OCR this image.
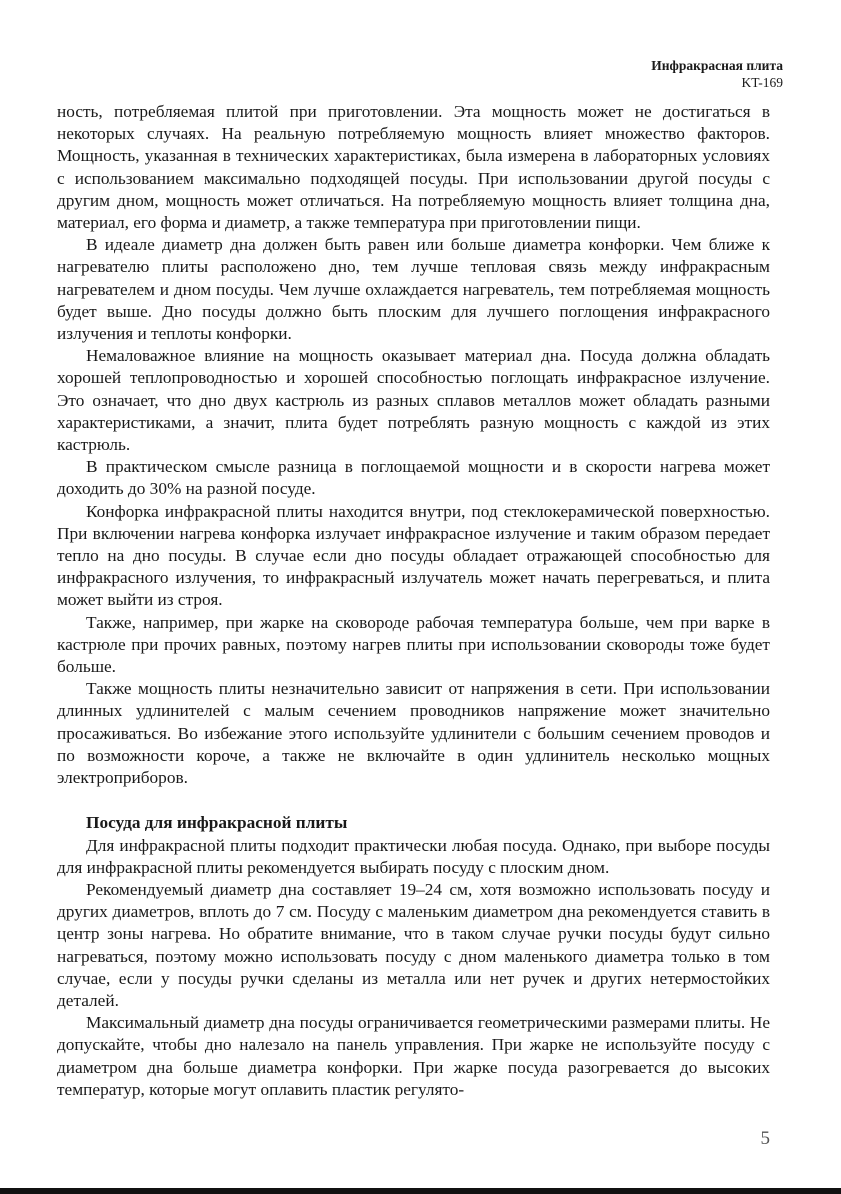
Инфракрасная плита
KT-169

ность, потребляемая плитой при приготовлении. Эта мощность может не достигаться в некоторых случаях. На реальную потребляемую мощность влияет множество факторов. Мощность, указанная в технических характеристиках, была измерена в лабораторных условиях с использованием максимально подходящей посуды. При использовании другой посуды с другим дном, мощность может отличаться. На потребляемую мощность влияет толщина дна, материал, его форма и диаметр, а также температура при приготовлении пищи.

В идеале диаметр дна должен быть равен или больше диаметра конфорки. Чем ближе к нагревателю плиты расположено дно, тем лучше тепловая связь между инфракрасным нагревателем и дном посуды. Чем лучше охлаждается нагреватель, тем потребляемая мощность будет выше. Дно посуды должно быть плоским для лучшего поглощения инфракрасного излучения и теплоты конфорки.

Немаловажное влияние на мощность оказывает материал дна. Посуда должна обладать хорошей теплопроводностью и хорошей способностью поглощать инфракрасное излучение. Это означает, что дно двух кастрюль из разных сплавов металлов может обладать разными характеристиками, а значит, плита будет потреблять разную мощность с каждой из этих кастрюль.

В практическом смысле разница в поглощаемой мощности и в скорости нагрева может доходить до 30% на разной посуде.

Конфорка инфракрасной плиты находится внутри, под стеклокерамической поверхностью. При включении нагрева конфорка излучает инфракрасное излучение и таким образом передает тепло на дно посуды. В случае если дно посуды обладает отражающей способностью для инфракрасного излучения, то инфракрасный излучатель может начать перегреваться, и плита может выйти из строя.

Также, например, при жарке на сковороде рабочая температура больше, чем при варке в кастрюле при прочих равных, поэтому нагрев плиты при использовании сковороды тоже будет больше.

Также мощность плиты незначительно зависит от напряжения в сети. При использовании длинных удлинителей с малым сечением проводников напряжение может значительно просаживаться. Во избежание этого используйте удлинители с большим сечением проводов и по возможности короче, а также не включайте в один удлинитель несколько мощных электроприборов.

Посуда для инфракрасной плиты

Для инфракрасной плиты подходит практически любая посуда. Однако, при выборе посуды для инфракрасной плиты рекомендуется выбирать посуду с плоским дном.

Рекомендуемый диаметр дна составляет 19–24 см, хотя возможно использовать посуду и других диаметров, вплоть до 7 см. Посуду с маленьким диаметром дна рекомендуется ставить в центр зоны нагрева. Но обратите внимание, что в таком случае ручки посуды будут сильно нагреваться, поэтому можно использовать посуду с дном маленького диаметра только в том случае, если у посуды ручки сделаны из металла или нет ручек и других нетермостойких деталей.

Максимальный диаметр дна посуды ограничивается геометрическими размерами плиты. Не допускайте, чтобы дно налезало на панель управления. При жарке не используйте посуду с диаметром дна больше диаметра конфорки. При жарке посуда разогревается до высоких температур, которые могут оплавить пластик регулято-

5
